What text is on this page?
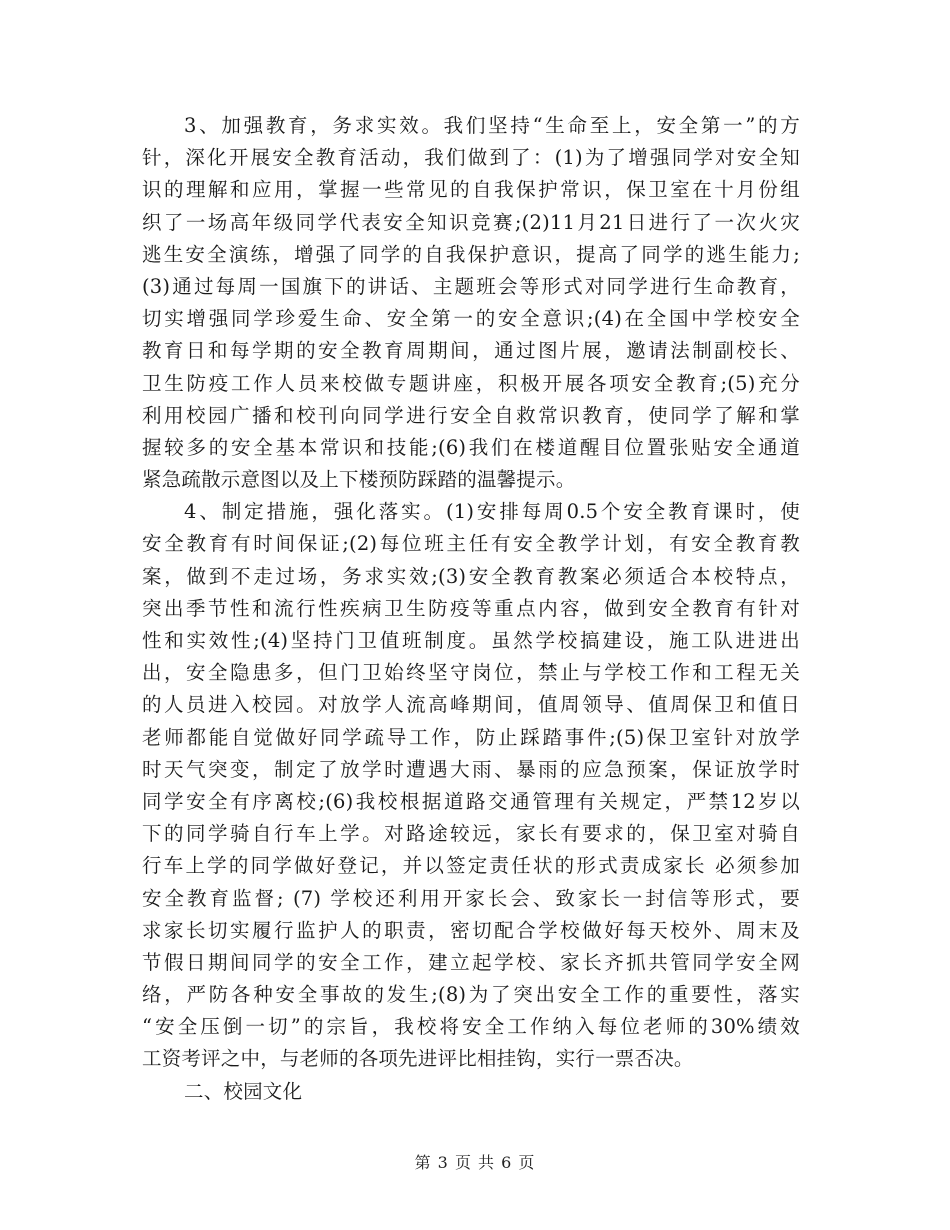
3、加强教育，务求实效。我们坚持“生命至上，安全第一”的方
针，深化开展安全教育活动，我们做到了：(1)为了增强同学对安全知
识的理解和应用，掌握一些常见的自我保护常识，保卫室在十月份组
织了一场高年级同学代表安全知识竞赛;(2)11月21日进行了一次火灾
逃生安全演练，增强了同学的自我保护意识，提高了同学的逃生能力;
(3)通过每周一国旗下的讲话、主题班会等形式对同学进行生命教育，
切实增强同学珍爱生命、安全第一的安全意识;(4)在全国中学校安全
教育日和每学期的安全教育周期间，通过图片展，邀请法制副校长、
卫生防疫工作人员来校做专题讲座，积极开展各项安全教育;(5)充分
利用校园广播和校刊向同学进行安全自救常识教育，使同学了解和掌
握较多的安全基本常识和技能;(6)我们在楼道醒目位置张贴安全通道
紧急疏散示意图以及上下楼预防踩踏的温馨提示。
4、制定措施，强化落实。(1)安排每周0.5个安全教育课时，使
安全教育有时间保证;(2)每位班主任有安全教学计划，有安全教育教
案，做到不走过场，务求实效;(3)安全教育教案必须适合本校特点，
突出季节性和流行性疾病卫生防疫等重点内容，做到安全教育有针对
性和实效性;(4)坚持门卫值班制度。虽然学校搞建设，施工队进进出
出，安全隐患多，但门卫始终坚守岗位，禁止与学校工作和工程无关
的人员进入校园。对放学人流高峰期间，值周领导、值周保卫和值日
老师都能自觉做好同学疏导工作，防止踩踏事件;(5)保卫室针对放学
时天气突变，制定了放学时遭遇大雨、暴雨的应急预案，保证放学时
同学安全有序离校;(6)我校根据道路交通管理有关规定，严禁12岁以
下的同学骑自行车上学。对路途较远，家长有要求的，保卫室对骑自
行车上学的同学做好登记，并以签定责任状的形式责成家长 必须参加
安全教育监督; (7) 学校还利用开家长会、致家长一封信等形式，要
求家长切实履行监护人的职责，密切配合学校做好每天校外、周末及
节假日期间同学的安全工作，建立起学校、家长齐抓共管同学安全网
络，严防各种安全事故的发生;(8)为了突出安全工作的重要性，落实
“安全压倒一切”的宗旨，我校将安全工作纳入每位老师的30%绩效
工资考评之中，与老师的各项先进评比相挂钩，实行一票否决。
二、校园文化
第 3 页 共 6 页
